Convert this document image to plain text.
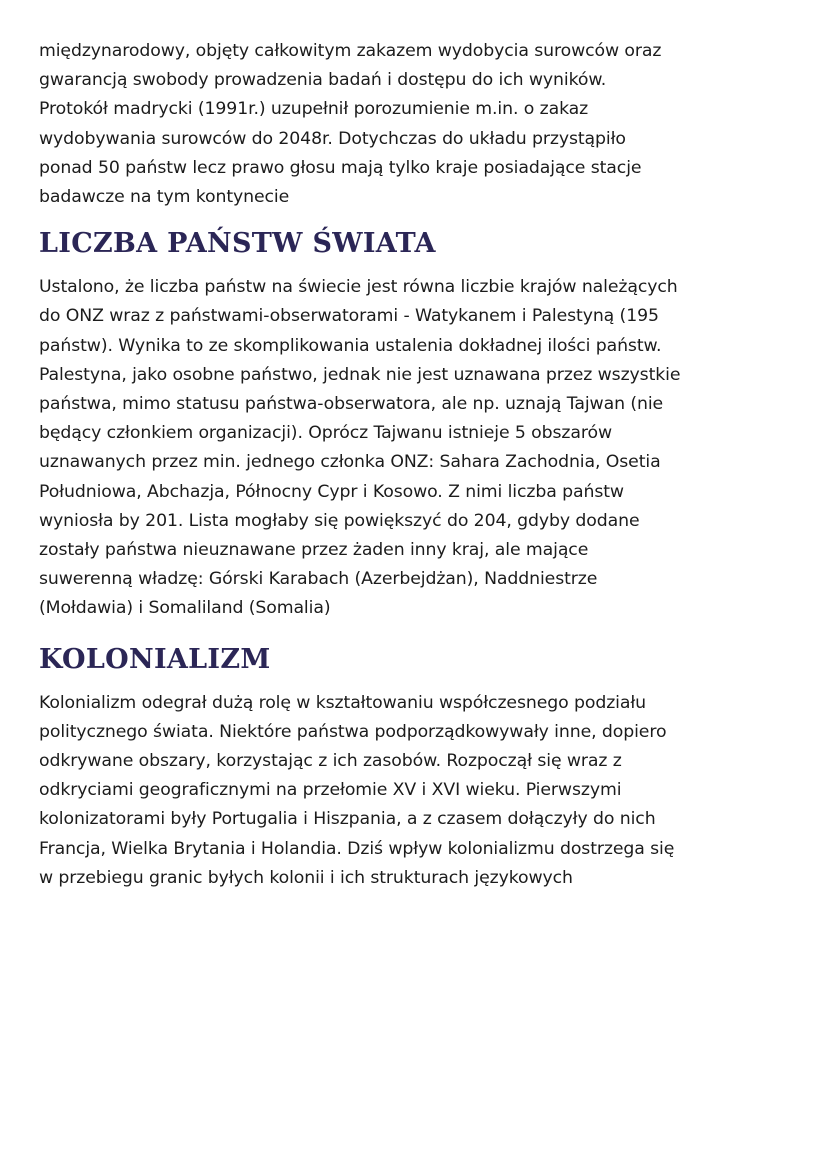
międzynarodowy, objęty całkowitym zakazem wydobycia surowców oraz
gwarancją swobody prowadzenia badań i dostępu do ich wyników.
Protokół madrycki (1991r.) uzupełnił porozumienie m.in. o zakaz
wydobywania surowców do 2048r. Dotychczas do układu przystąpiło
ponad 50 państw lecz prawo głosu mają tylko kraje posiadające stacje
badawcze na tym kontynecie
LICZBA PAŃSTW ŚWIATA
Ustalono, że liczba państw na świecie jest równa liczbie krajów należących
do ONZ wraz z państwami-obserwatorami - Watykanem i Palestyną (195
państw). Wynika to ze skomplikowania ustalenia dokładnej ilości państw.
Palestyna, jako osobne państwo, jednak nie jest uznawana przez wszystkie
państwa, mimo statusu państwa-obserwatora, ale np. uznają Tajwan (nie
będący członkiem organizacji). Oprócz Tajwanu istnieje 5 obszarów
uznawanych przez min. jednego członka ONZ: Sahara Zachodnia, Osetia
Południowa, Abchazja, Północny Cypr i Kosowo. Z nimi liczba państw
wyniosła by 201. Lista mogłaby się powiększyć do 204, gdyby dodane
zostały państwa nieuznawane przez żaden inny kraj, ale mające
suwerenną władzę: Górski Karabach (Azerbejdżan), Naddniestrze
(Mołdawia) i Somaliland (Somalia)
KOLONIALIZM
Kolonializm odegrał dużą rolę w kształtowaniu współczesnego podziału
politycznego świata. Niektóre państwa podporządkowywały inne, dopiero
odkrywane obszary, korzystając z ich zasobów. Rozpoczął się wraz z
odkryciami geograficznymi na przełomie XV i XVI wieku. Pierwszymi
kolonizatorami były Portugalia i Hiszpania, a z czasem dołączyły do nich
Francja, Wielka Brytania i Holandia. Dziś wpływ kolonializmu dostrzega się
w przebiegu granic byłych kolonii i ich strukturach językowych
